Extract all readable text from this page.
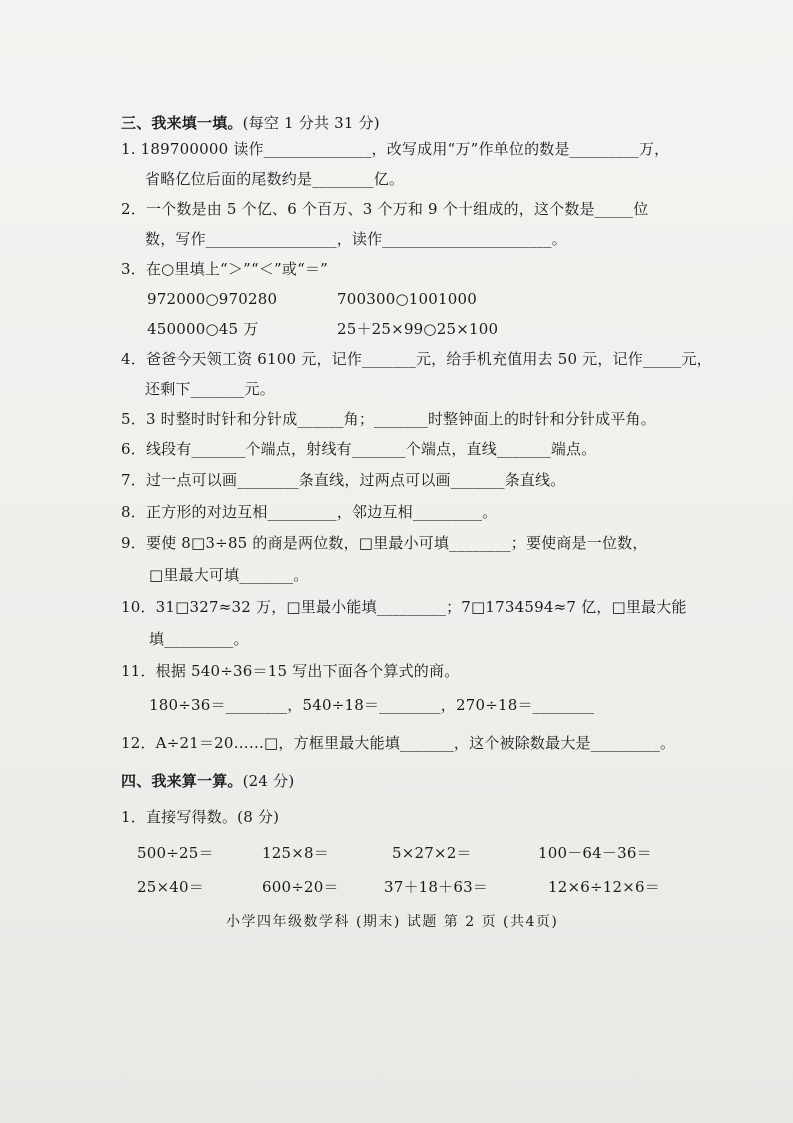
三、我来填一填。(每空 1 分共 31 分)
1. 189700000 读作______________，改写成用“万”作单位的数是_________万，
省略亿位后面的尾数约是________亿。
2．一个数是由 5 个亿、6 个百万、3 个万和 9 个十组成的，这个数是_____位
数，写作_________________，读作______________________。
3．在○里填上“＞”“＜”或“＝”
972000○970280	700300○1001000
450000○45 万	25＋25×99○25×100
4．爸爸今天领工资 6100 元，记作_______元，给手机充值用去 50 元，记作_____元，
还剩下_______元。
5．3 时整时时针和分针成______角；_______时整钟面上的时针和分针成平角。
6．线段有_______个端点，射线有_______个端点，直线_______端点。
7．过一点可以画________条直线，过两点可以画_______条直线。
8．正方形的对边互相_________，邻边互相_________。
9．要使 8□3÷85 的商是两位数，□里最小可填________；要使商是一位数，
□里最大可填_______。
10．31□327≈32 万，□里最小能填_________；7□1734594≈7 亿，□里最大能
填_________。
11．根据 540÷36＝15 写出下面各个算式的商。
180÷36＝________，540÷18＝________，270÷18＝________
12．A÷21＝20……□，方框里最大能填_______，这个被除数最大是_________。
四、我来算一算。(24 分)
1．直接写得数。(8 分)
500÷25＝	125×8＝	5×27×2＝	100－64－36＝
25×40＝	600÷20＝	37＋18＋63＝	12×6÷12×6＝
小学四年级数学科 (期末) 试题 第 2 页 (共4页)
